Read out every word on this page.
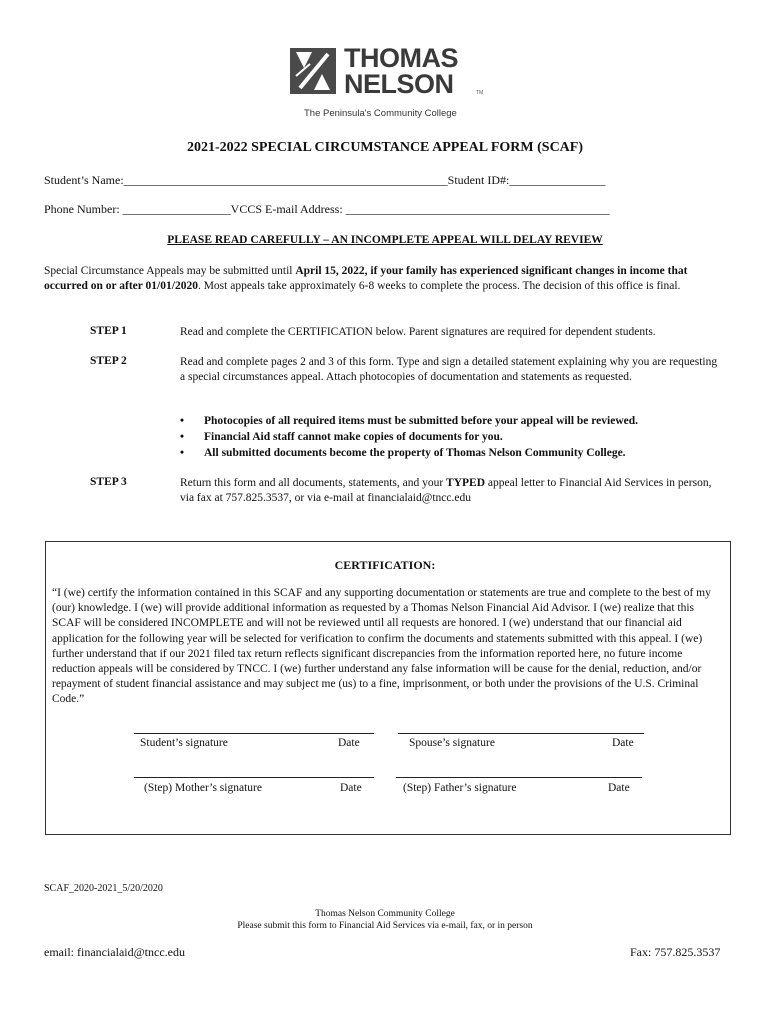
THOMAS
NELSON	TM
The Peninsula's Community College
2021-2022 SPECIAL CIRCUMSTANCE APPEAL FORM (SCAF)
Student’s Name:______________________________________________________Student ID#:________________
Phone Number: __________________VCCS E-mail Address: ____________________________________________
PLEASE READ CAREFULLY – AN INCOMPLETE APPEAL WILL DELAY REVIEW
Special Circumstance Appeals may be submitted until April 15, 2022, if your family has experienced significant changes in income that occurred on or after 01/01/2020. Most appeals take approximately 6-8 weeks to complete the process. The decision of this office is final.
STEP 1	Read and complete the CERTIFICATION below. Parent signatures are required for dependent students.
STEP 2	Read and complete pages 2 and 3 of this form. Type and sign a detailed statement explaining why you are requesting a special circumstances appeal. Attach photocopies of documentation and statements as requested.
• Photocopies of all required items must be submitted before your appeal will be reviewed.
• Financial Aid staff cannot make copies of documents for you.
• All submitted documents become the property of Thomas Nelson Community College.
STEP 3	Return this form and all documents, statements, and your TYPED appeal letter to Financial Aid Services in person, via fax at 757.825.3537, or via e-mail at financialaid@tncc.edu
CERTIFICATION:
“I (we) certify the information contained in this SCAF and any supporting documentation or statements are true and complete to the best of my (our) knowledge. I (we) will provide additional information as requested by a Thomas Nelson Financial Aid Advisor. I (we) realize that this SCAF will be considered INCOMPLETE and will not be reviewed until all requests are honored. I (we) understand that our financial aid application for the following year will be selected for verification to confirm the documents and statements submitted with this appeal. I (we) further understand that if our 2021 filed tax return reflects significant discrepancies from the information reported here, no future income reduction appeals will be considered by TNCC. I (we) further understand any false information will be cause for the denial, reduction, and/or repayment of student financial assistance and may subject me (us) to a fine, imprisonment, or both under the provisions of the U.S. Criminal Code.”
Student’s signature	Date	Spouse’s signature	Date
(Step) Mother’s signature	Date	(Step) Father’s signature	Date
SCAF_2020-2021_5/20/2020
Thomas Nelson Community College
Please submit this form to Financial Aid Services via e-mail, fax, or in person
email: financialaid@tncc.edu	Fax: 757.825.3537
